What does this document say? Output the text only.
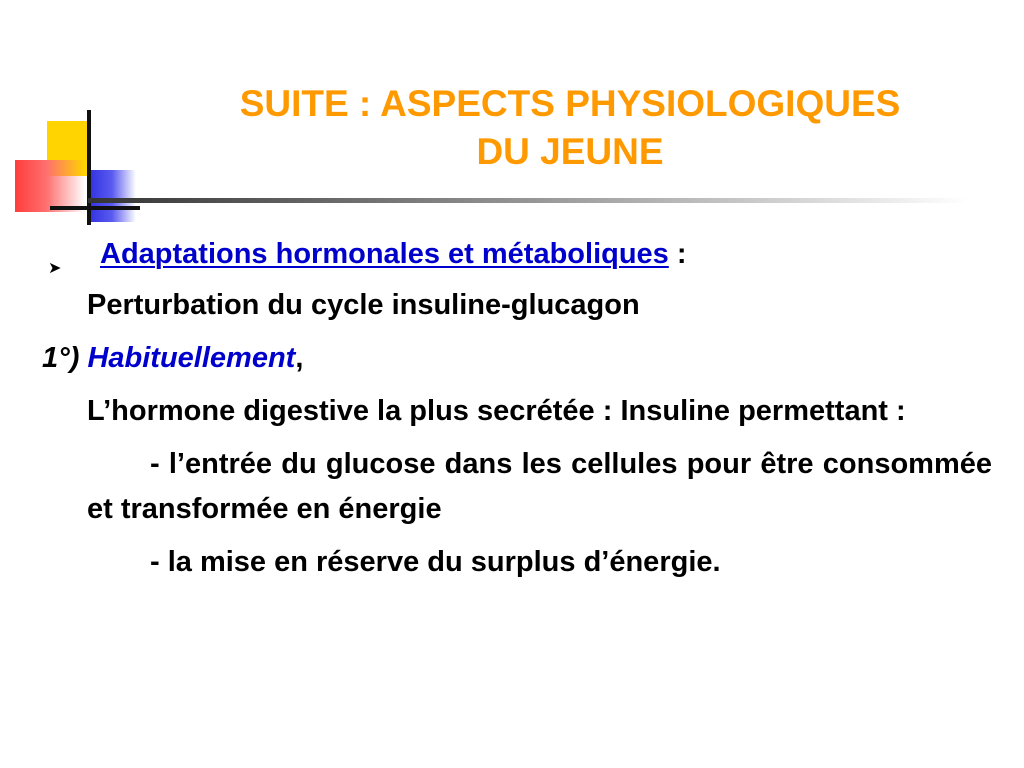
SUITE : ASPECTS PHYSIOLOGIQUES
DU JEUNE
➤ Adaptations hormonales et métaboliques :
Perturbation du cycle insuline-glucagon
1°) Habituellement,
L’hormone digestive la plus secrétée : Insuline permettant :
- l’entrée du glucose dans les cellules pour être consommée et transformée en énergie
- la mise en réserve du surplus d’énergie.
